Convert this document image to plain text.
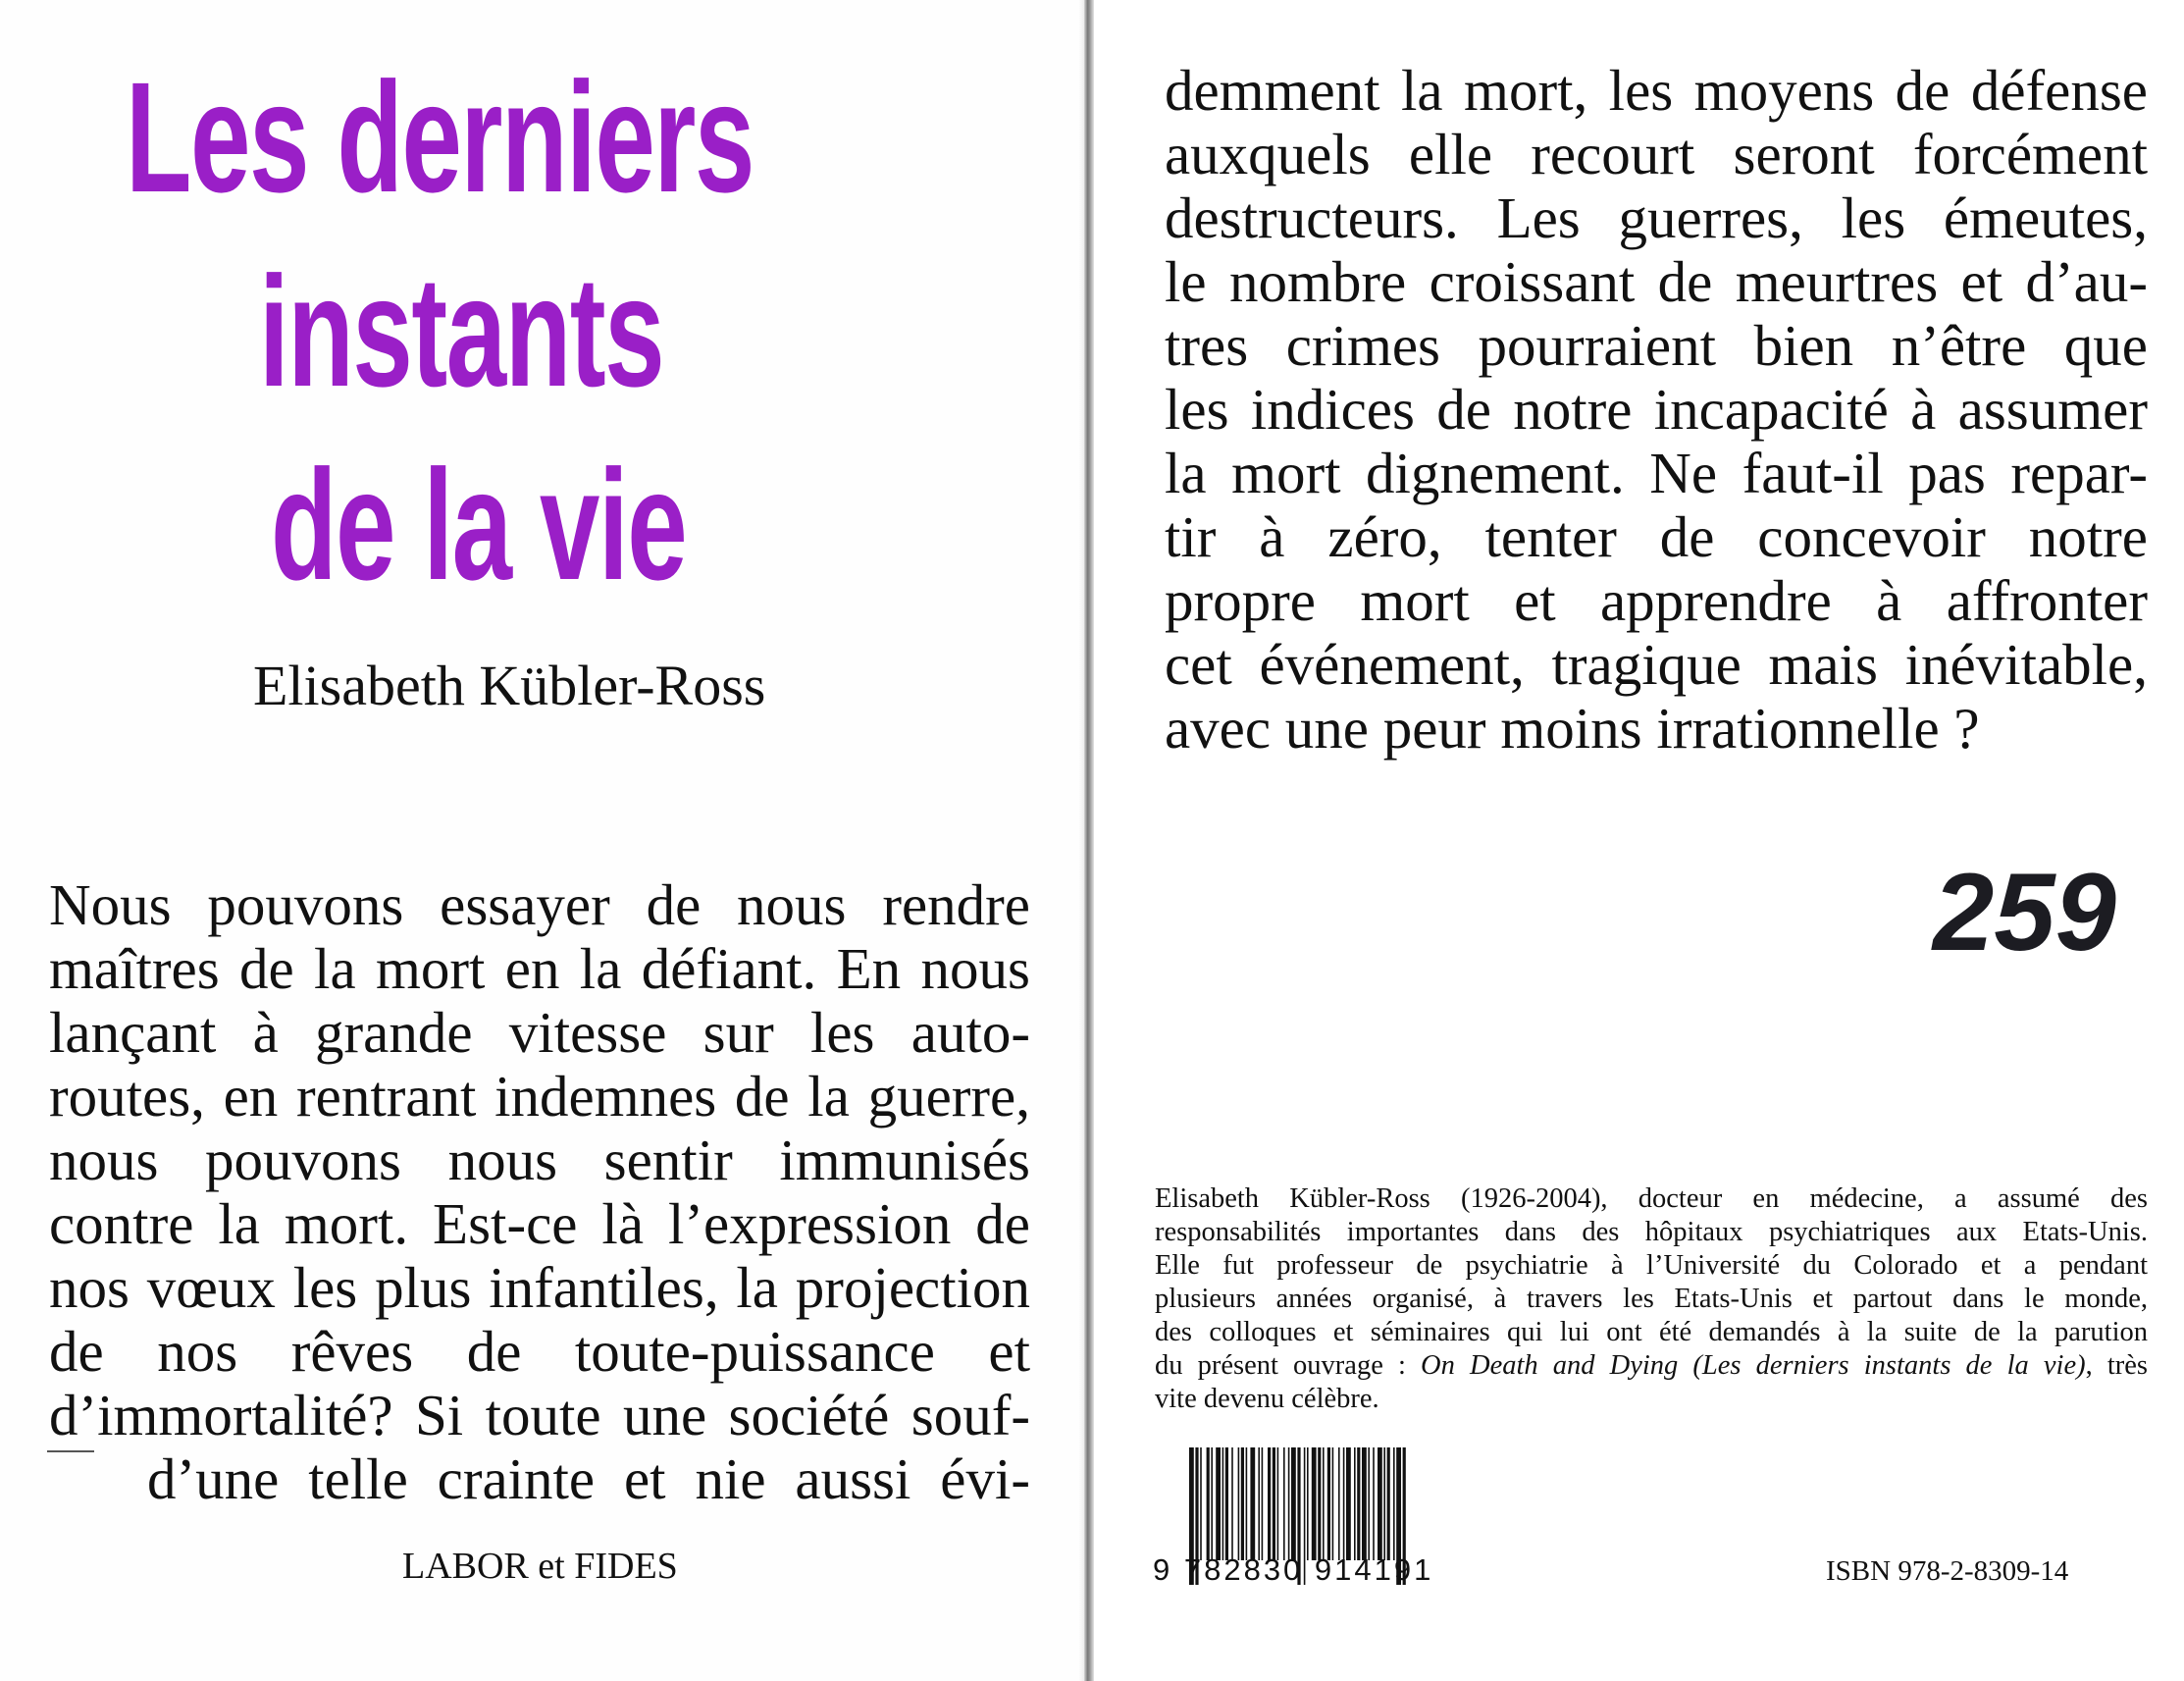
Les derniers
instants
de la vie
Elisabeth Kübler-Ross
Nous pouvons essayer de nous rendre
maîtres de la mort en la défiant. En nous
lançant à grande vitesse sur les auto-
routes, en rentrant indemnes de la guerre,
nous pouvons nous sentir immunisés
contre la mort. Est-ce là l’expression de
nos vœux les plus infantiles, la projection
de nos rêves de toute-puissance et
d’immortalité? Si toute une société souf-
d’une telle crainte et nie aussi évi-
LABOR et FIDES
demment la mort, les moyens de défense
auxquels elle recourt seront forcément
destructeurs. Les guerres, les émeutes,
le nombre croissant de meurtres et d’au-
tres crimes pourraient bien n’être que
les indices de notre incapacité à assumer
la mort dignement. Ne faut-il pas repar-
tir à zéro, tenter de concevoir notre
propre mort et apprendre à affronter
cet événement, tragique mais inévitable,
avec une peur moins irrationnelle ?
259
Elisabeth Kübler-Ross (1926-2004), docteur en médecine, a assumé des
responsabilités importantes dans des hôpitaux psychiatriques aux Etats-Unis.
Elle fut professeur de psychiatrie à l’Université du Colorado et a pendant
plusieurs années organisé, à travers les Etats-Unis et partout dans le monde,
des colloques et séminaires qui lui ont été demandés à la suite de la parution
du présent ouvrage : On Death and Dying (Les derniers instants de la vie), très
vite devenu célèbre.
9 782830 914191	ISBN 978-2-8309-14
